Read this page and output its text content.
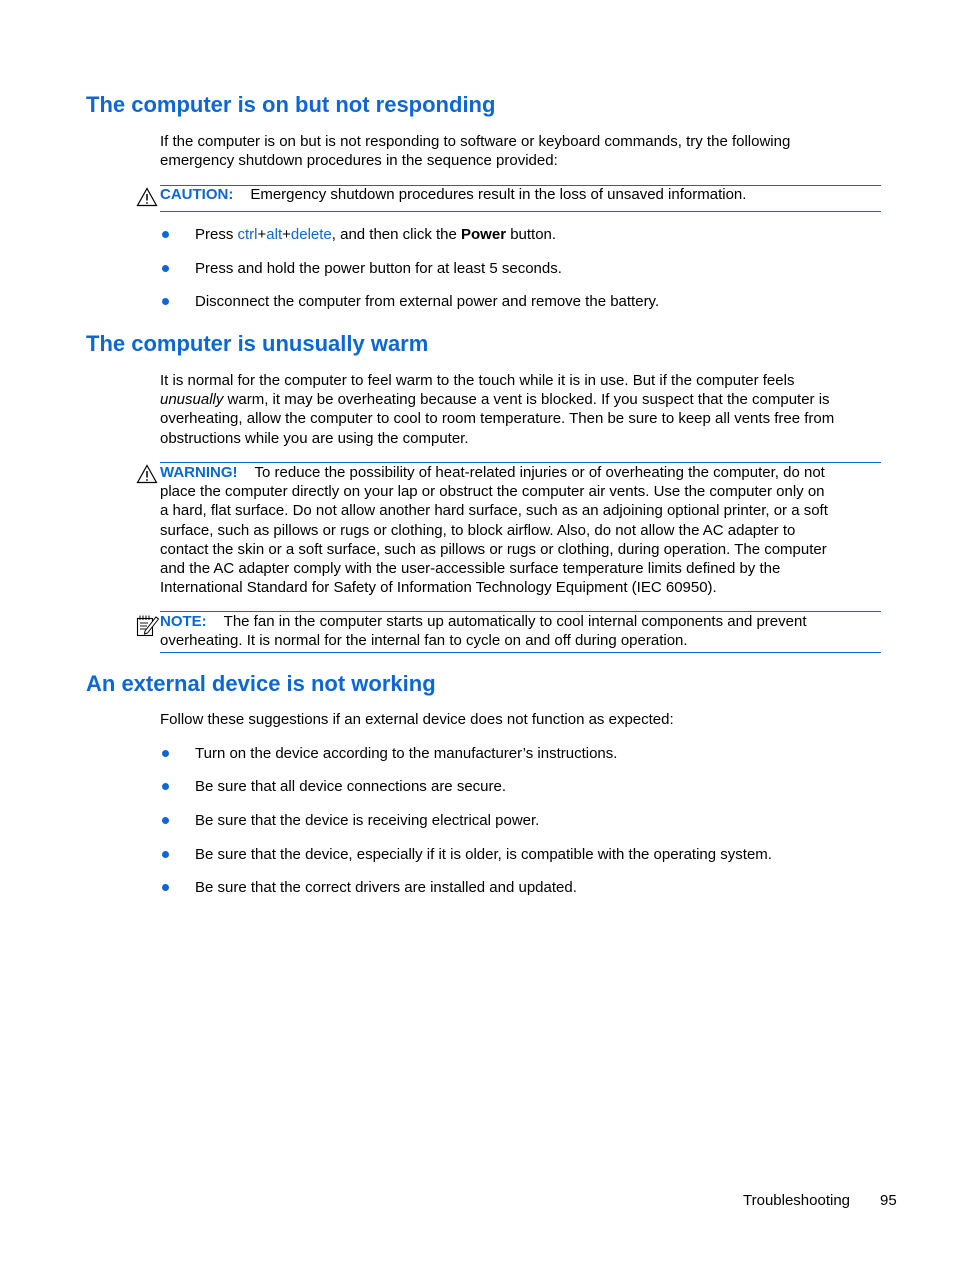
The computer is on but not responding
If the computer is on but is not responding to software or keyboard commands, try the following
emergency shutdown procedures in the sequence provided:
CAUTION: Emergency shutdown procedures result in the loss of unsaved information.
Press ctrl+alt+delete, and then click the Power button.
Press and hold the power button for at least 5 seconds.
Disconnect the computer from external power and remove the battery.
The computer is unusually warm
It is normal for the computer to feel warm to the touch while it is in use. But if the computer feels
unusually warm, it may be overheating because a vent is blocked. If you suspect that the computer is
overheating, allow the computer to cool to room temperature. Then be sure to keep all vents free from
obstructions while you are using the computer.
WARNING! To reduce the possibility of heat-related injuries or of overheating the computer, do not
place the computer directly on your lap or obstruct the computer air vents. Use the computer only on
a hard, flat surface. Do not allow another hard surface, such as an adjoining optional printer, or a soft
surface, such as pillows or rugs or clothing, to block airflow. Also, do not allow the AC adapter to
contact the skin or a soft surface, such as pillows or rugs or clothing, during operation. The computer
and the AC adapter comply with the user-accessible surface temperature limits defined by the
International Standard for Safety of Information Technology Equipment (IEC 60950).
NOTE: The fan in the computer starts up automatically to cool internal components and prevent
overheating. It is normal for the internal fan to cycle on and off during operation.
An external device is not working
Follow these suggestions if an external device does not function as expected:
Turn on the device according to the manufacturer’s instructions.
Be sure that all device connections are secure.
Be sure that the device is receiving electrical power.
Be sure that the device, especially if it is older, is compatible with the operating system.
Be sure that the correct drivers are installed and updated.
Troubleshooting 95
